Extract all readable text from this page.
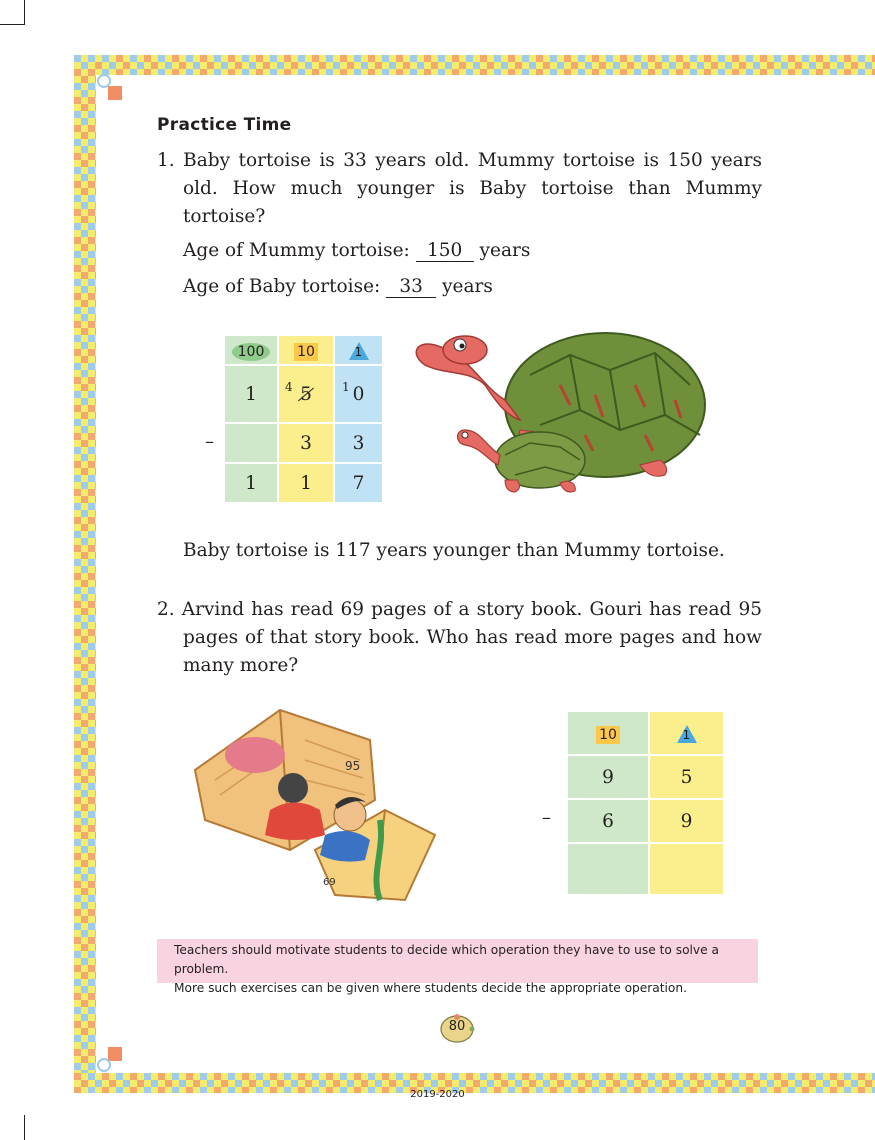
Practice Time
1. Baby tortoise is 33 years old. Mummy tortoise is 150 years old. How much younger is Baby tortoise than Mummy tortoise?
Age of Mummy tortoise: 150 years
Age of Baby tortoise: 33 years
–
100	10	1

1	4 5	1 0
	3	3
1	1	7
Baby tortoise is 117 years younger than Mummy tortoise.
2. Arvind has read 69 pages of a story book. Gouri has read 95 pages of that story book. Who has read more pages and how many more?
95
69
–
10	1

9	5
6	9

Teachers should motivate students to decide which operation they have to use to solve a problem.
More such exercises can be given where students decide the appropriate operation.
80
2019-2020
